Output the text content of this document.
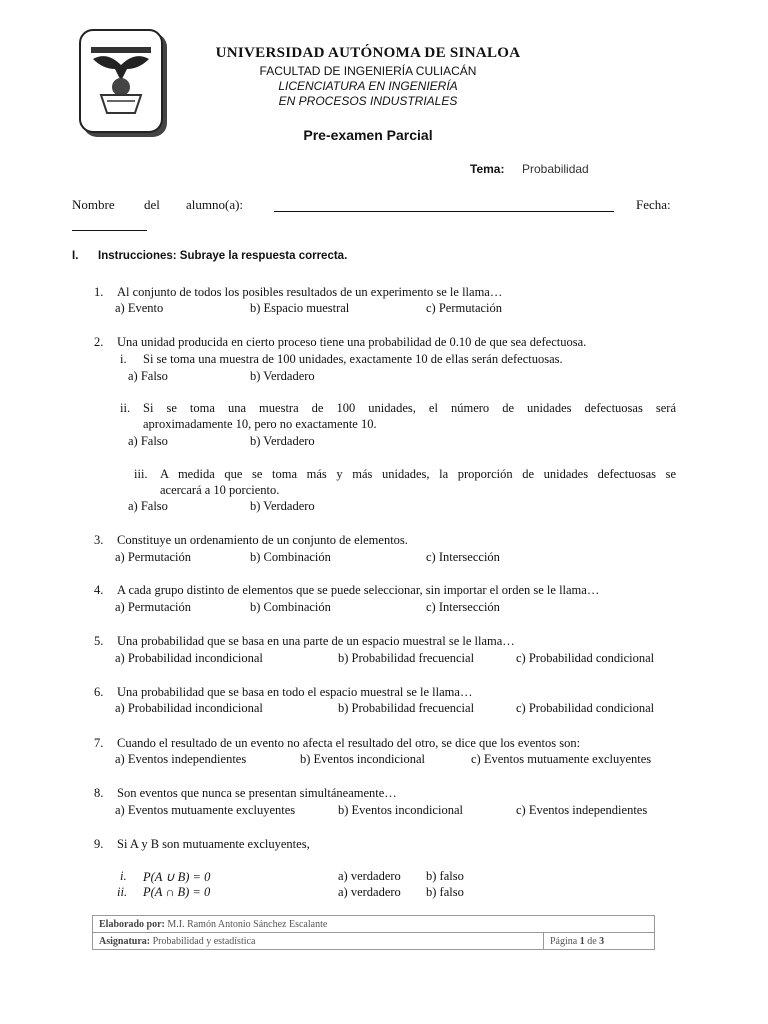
UNIVERSIDAD AUTÓNOMA DE SINALOA
FACULTAD DE INGENIERÍA CULIACÁN
LICENCIATURA EN INGENIERÍA
EN PROCESOS INDUSTRIALES
Pre-examen Parcial
Tema: Probabilidad
Nombre del alumno(a):	Fecha:
I. Instrucciones: Subraye la respuesta correcta.
1. Al conjunto de todos los posibles resultados de un experimento se le llama…
a) Evento	b) Espacio muestral	c) Permutación
2. Una unidad producida en cierto proceso tiene una probabilidad de 0.10 de que sea defectuosa.
i. Si se toma una muestra de 100 unidades, exactamente 10 de ellas serán defectuosas.
a) Falso	b) Verdadero
ii. Si se toma una muestra de 100 unidades, el número de unidades defectuosas será
aproximadamente 10, pero no exactamente 10.
a) Falso	b) Verdadero
iii. A medida que se toma más y más unidades, la proporción de unidades defectuosas se
acercará a 10 porciento.
a) Falso	b) Verdadero
3. Constituye un ordenamiento de un conjunto de elementos.
a) Permutación	b) Combinación	c) Intersección
4. A cada grupo distinto de elementos que se puede seleccionar, sin importar el orden se le llama…
a) Permutación	b) Combinación	c) Intersección
5. Una probabilidad que se basa en una parte de un espacio muestral se le llama…
a) Probabilidad incondicional	b) Probabilidad frecuencial	c) Probabilidad condicional
6. Una probabilidad que se basa en todo el espacio muestral se le llama…
a) Probabilidad incondicional	b) Probabilidad frecuencial	c) Probabilidad condicional
7. Cuando el resultado de un evento no afecta el resultado del otro, se dice que los eventos son:
a) Eventos independientes	b) Eventos incondicional	c) Eventos mutuamente excluyentes
8. Son eventos que nunca se presentan simultáneamente…
a) Eventos mutuamente excluyentes	b) Eventos incondicional	c) Eventos independientes
9. Si A y B son mutuamente excluyentes,
i. P(A ∪ B) = 0	a) verdadero b) falso
ii. P(A ∩ B) = 0	a) verdadero b) falso
Elaborado por: M.I. Ramón Antonio Sánchez Escalante
Asignatura: Probabilidad y estadística	Página 1 de 3
